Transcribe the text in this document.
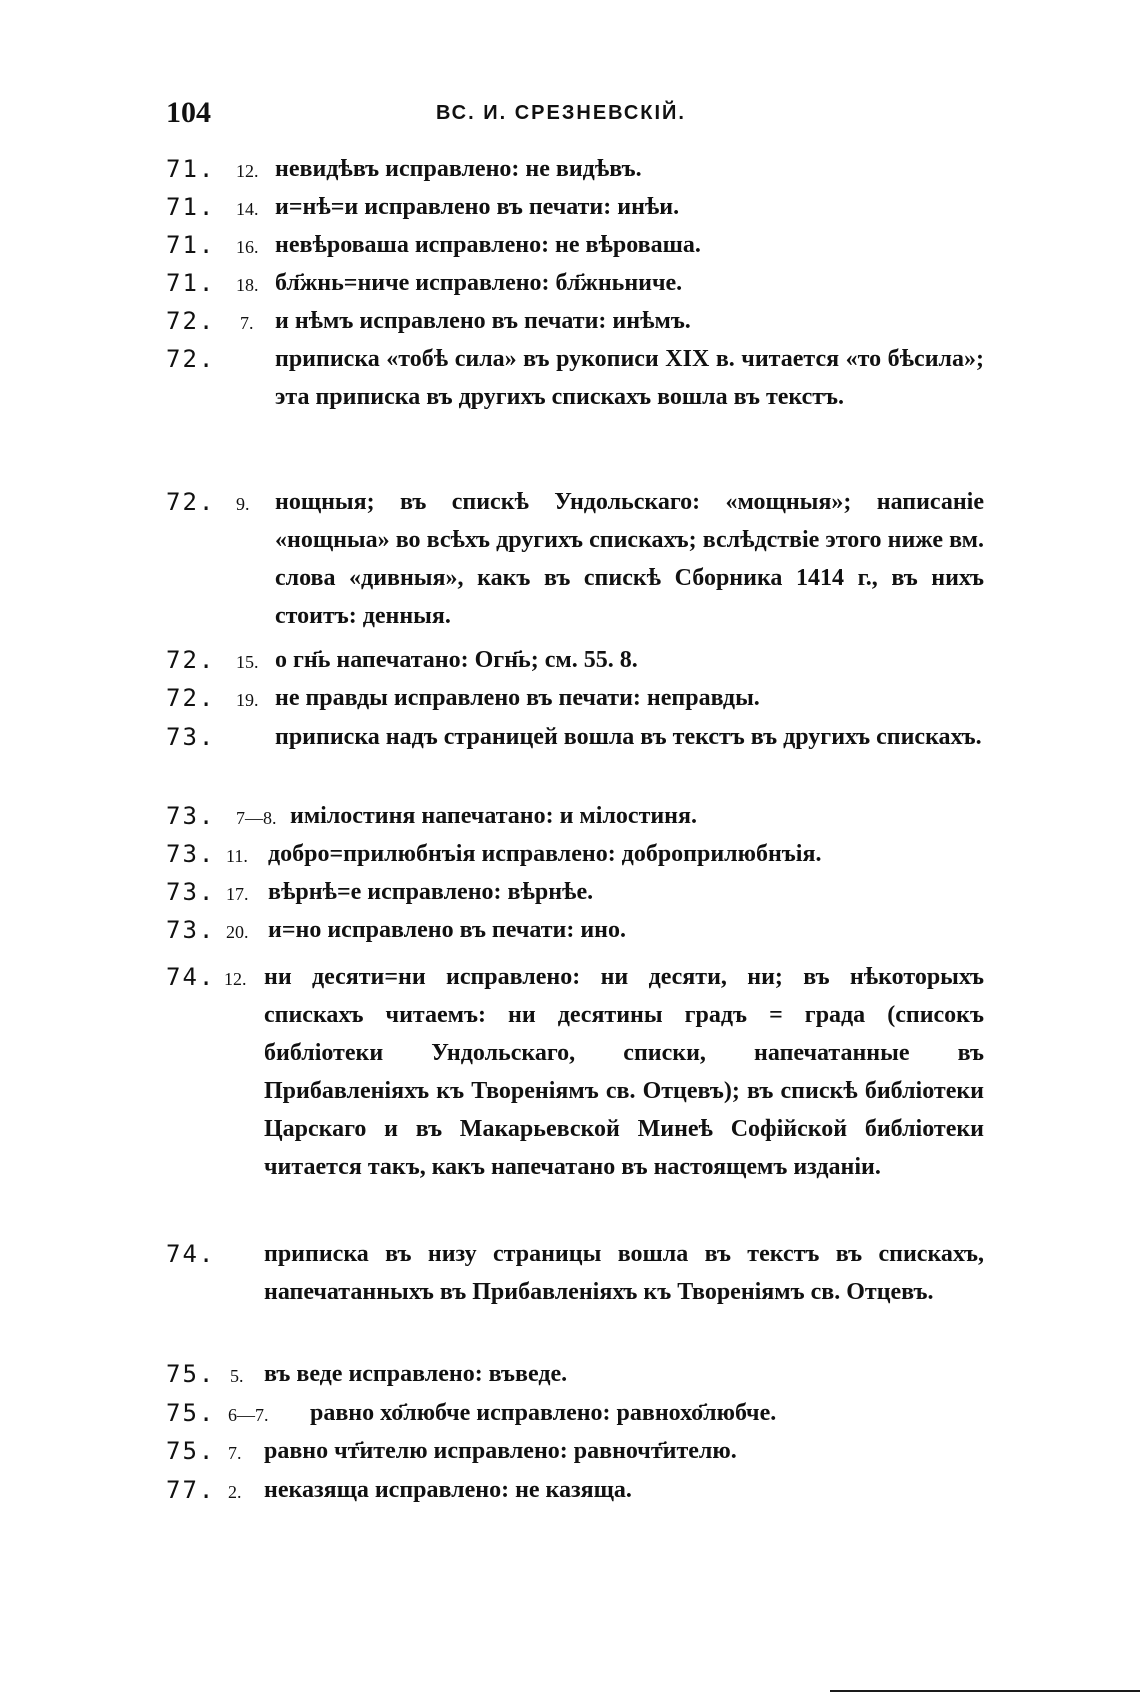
104	ВС. И. СРЕЗНЕВСКІЙ.
71.	12. невидѣвъ исправлено: не видѣвъ.
71.	14. и=нѣ=и исправлено въ печати: инѣи.
71.	16. невѣроваша исправлено: не вѣроваша.
71.	18. бл҃жнь=ниче исправлено: бл҃жньниче.
72.	7. и нѣмъ исправлено въ печати: инѣмъ.
72.	приписка «тобѣ сила» въ рукописи XIX в. читается «то бѣсила»; эта приписка въ другихъ спискахъ вошла въ текстъ.
72.	9.	нощныя; въ спискѣ Ундольскаго: «мощныя»; написаніе «нощныа» во всѣхъ другихъ спискахъ; вслѣдствіе этого ниже вм. слова «дивныя», какъ въ спискѣ Сборника 1414 г., въ нихъ стоитъ: денныя.
72.	15. о гн҃ь напечатано: Огн҃ь; см. 55. 8.
72.	19. не правды исправлено въ печати: неправды.
73.	приписка надъ страницей вошла въ текстъ въ другихъ спискахъ.
73.	7—8. имілостиня напечатано: и мілостиня.
73. 11. добро=прилюбнъія исправлено: доброприлюбнъія.
73. 17. вѣрнѣ=е исправлено: вѣрнѣе.
73. 20. и=но исправлено въ печати: ино.
74. 12. ни десяти=ни исправлено: ни десяти, ни; въ нѣкоторыхъ спискахъ читаемъ: ни десятины градъ = града (списокъ библіотеки Ундольскаго, списки, напечатанные въ Прибавленіяхъ къ Твореніямъ св. Отцевъ); въ спискѣ библіотеки Царскаго и въ Макарьевской Минеѣ Софійской библіотеки читается такъ, какъ напечатано въ настоящемъ изданіи.
74.	приписка въ низу страницы вошла въ текстъ въ спискахъ, напечатанныхъ въ Прибавленіяхъ къ Твореніямъ св. Отцевъ.
75. 5. въ веде исправлено: въведе.
75. 6—7.	равно хо҃любче исправлено: равнохо҃любче.
75. 7. равно чт҃ителю исправлено: равночт҃ителю.
77. 2. неказяща исправлено: не казяща.
